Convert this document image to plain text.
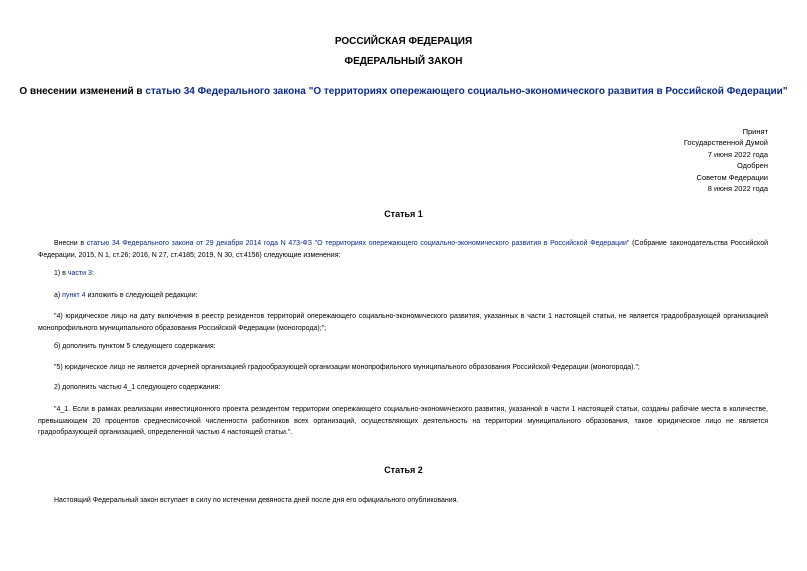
РОССИЙСКАЯ ФЕДЕРАЦИЯ
ФЕДЕРАЛЬНЫЙ ЗАКОН
О внесении изменений в статью 34 Федерального закона "О территориях опережающего социально-экономического развития в Российской Федерации"
Принят
Государственной Думой
7 июня 2022 года
Одобрен
Советом Федерации
8 июня 2022 года
Статья 1
Внесни в статью 34 Федерального закона от 29 декабря 2014 года N 473-ФЗ "О территориях опережающего социально-экономического развития в Российской Федерации" (Собрание законодательства Российской Федерации, 2015, N 1, ст.26; 2016, N 27, ст.4185; 2019, N 30, ст.4156) следующие изменения:
1) в части 3:
а) пункт 4 изложить в следующей редакции:
"4) юридическое лицо на дату включения в реестр резидентов территорий опережающего социально-экономического развития, указанных в части 1 настоящей статьи, не является градообразующей организацией монопрофильного муниципального образования Российской Федерации (моногорода);";
б) дополнить пунктом 5 следующего содержания:
"5) юридическое лицо не является дочерней организацией градообразующей организации монопрофильного муниципального образования Российской Федерации (моногорода).";
2) дополнить частью 4_1 следующего содержания:
"4_1. Если в рамках реализации инвестиционного проекта резидентом территории опережающего социально-экономического развития, указанной в части 1 настоящей статьи, созданы рабочие места в количестве, превышающем 20 процентов среднесписочной численности работников всех организаций, осуществляющих деятельность на территории муниципального образования, такое юридическое лицо не является градообразующей организацией, определенной частью 4 настоящей статьи.".
Статья 2
Настоящий Федеральный закон вступает в силу по истечении девяноста дней после дня его официального опубликования.
